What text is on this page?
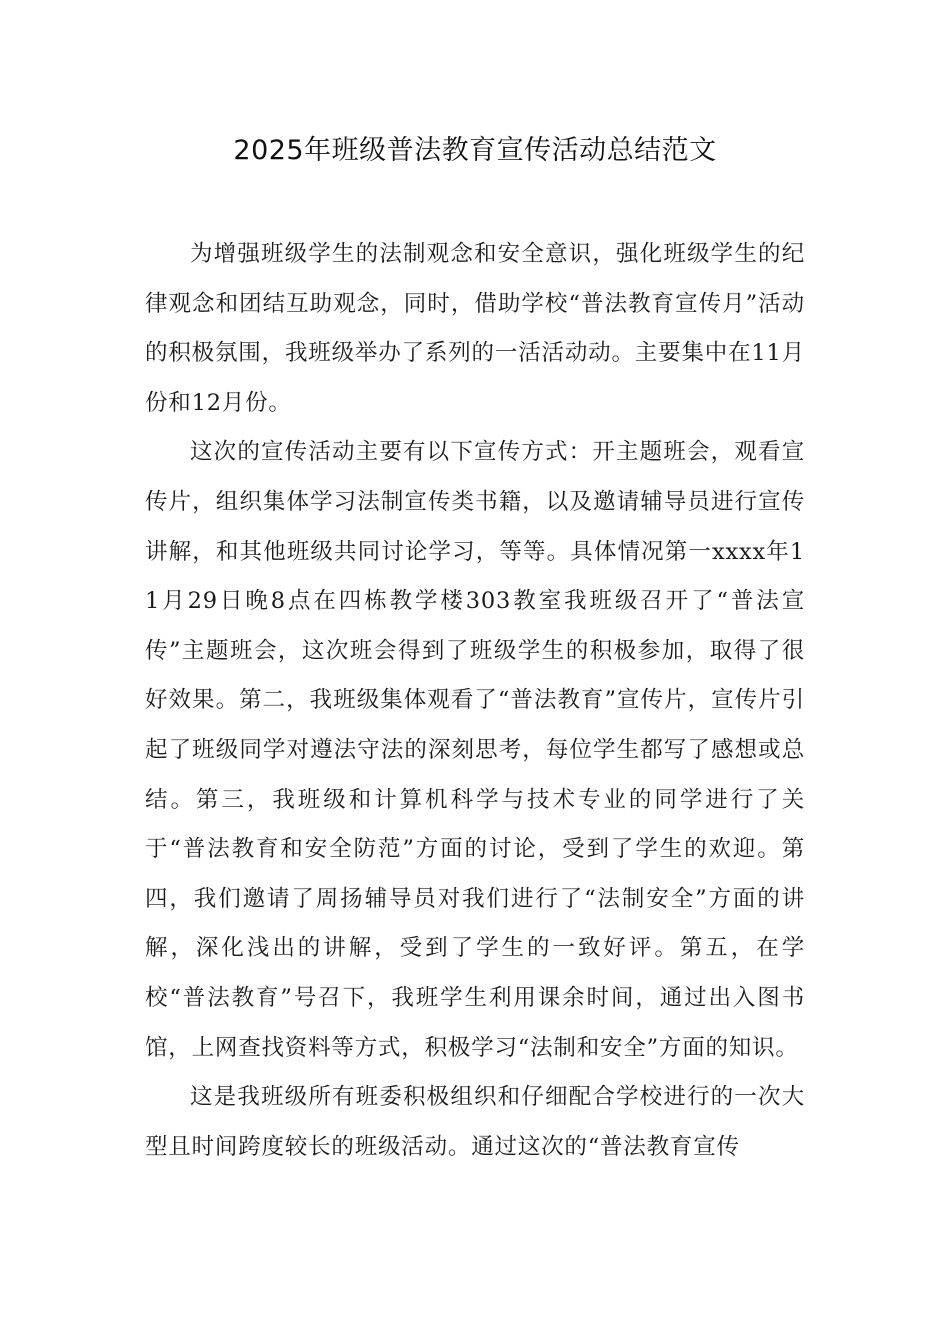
2025年班级普法教育宣传活动总结范文

为增强班级学生的法制观念和安全意识，强化班级学生的纪律观念和团结互助观念，同时，借助学校“普法教育宣传月”活动的积极氛围，我班级举办了系列的一活活动动。主要集中在11月份和12月份。

这次的宣传活动主要有以下宣传方式：开主题班会，观看宣传片，组织集体学习法制宣传类书籍，以及邀请辅导员进行宣传讲解，和其他班级共同讨论学习，等等。具体情况第一xxxx年11月29日晚8点在四栋教学楼303教室我班级召开了“普法宣传”主题班会，这次班会得到了班级学生的积极参加，取得了很好效果。第二，我班级集体观看了“普法教育”宣传片，宣传片引起了班级同学对遵法守法的深刻思考，每位学生都写了感想或总结。第三，我班级和计算机科学与技术专业的同学进行了关于“普法教育和安全防范”方面的讨论，受到了学生的欢迎。第四，我们邀请了周扬辅导员对我们进行了“法制安全”方面的讲解，深化浅出的讲解，受到了学生的一致好评。第五，在学校“普法教育”号召下，我班学生利用课余时间，通过出入图书馆，上网查找资料等方式，积极学习“法制和安全”方面的知识。

这是我班级所有班委积极组织和仔细配合学校进行的一次大型且时间跨度较长的班级活动。通过这次的“普法教育宣传
